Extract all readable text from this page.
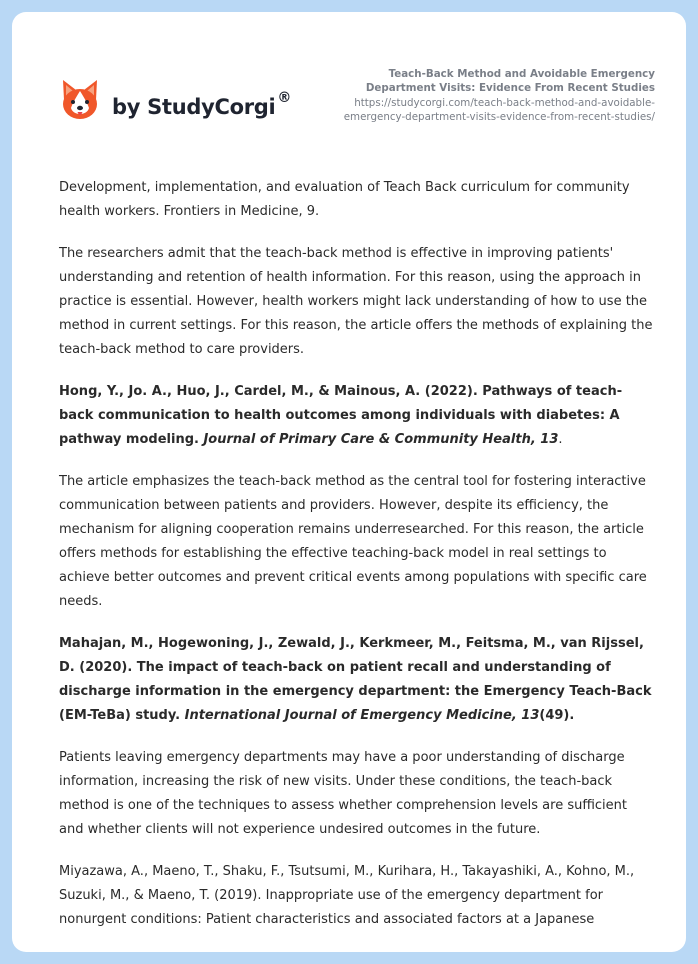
by StudyCorgi ®
Teach-Back Method and Avoidable Emergency
Department Visits: Evidence From Recent Studies
https://studycorgi.com/teach-back-method-and-avoidable-
emergency-department-visits-evidence-from-recent-studies/

Development, implementation, and evaluation of Teach Back curriculum for community health workers. Frontiers in Medicine, 9.

The researchers admit that the teach-back method is effective in improving patients' understanding and retention of health information. For this reason, using the approach in practice is essential. However, health workers might lack understanding of how to use the method in current settings. For this reason, the article offers the methods of explaining the teach-back method to care providers.

Hong, Y., Jo. A., Huo, J., Cardel, M., & Mainous, A. (2022). Pathways of teach-back communication to health outcomes among individuals with diabetes: A pathway modeling. Journal of Primary Care & Community Health, 13.

The article emphasizes the teach-back method as the central tool for fostering interactive communication between patients and providers. However, despite its efficiency, the mechanism for aligning cooperation remains underresearched. For this reason, the article offers methods for establishing the effective teaching-back model in real settings to achieve better outcomes and prevent critical events among populations with specific care needs.

Mahajan, M., Hogewoning, J., Zewald, J., Kerkmeer, M., Feitsma, M., van Rijssel, D. (2020). The impact of teach-back on patient recall and understanding of discharge information in the emergency department: the Emergency Teach-Back (EM-TeBa) study. International Journal of Emergency Medicine, 13(49).

Patients leaving emergency departments may have a poor understanding of discharge information, increasing the risk of new visits. Under these conditions, the teach-back method is one of the techniques to assess whether comprehension levels are sufficient and whether clients will not experience undesired outcomes in the future.

Miyazawa, A., Maeno, T., Shaku, F., Tsutsumi, M., Kurihara, H., Takayashiki, A., Kohno, M., Suzuki, M., & Maeno, T. (2019). Inappropriate use of the emergency department for nonurgent conditions: Patient characteristics and associated factors at a Japanese
